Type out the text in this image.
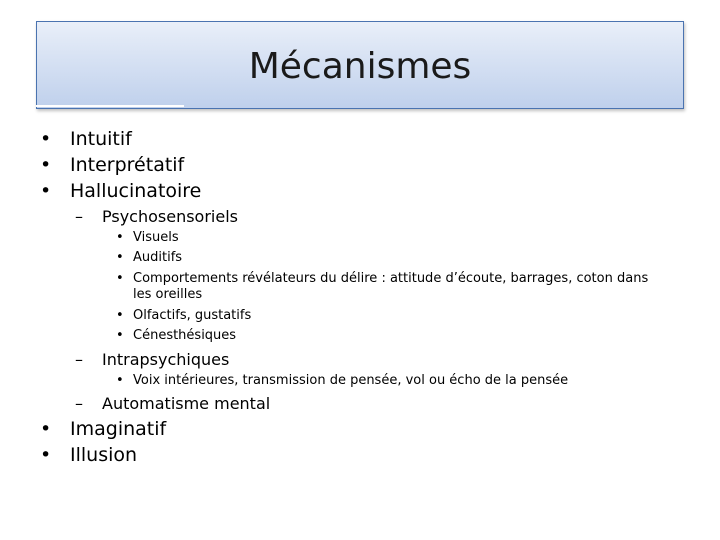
Mécanismes
• Intuitif
• Interprétatif
• Hallucinatoire
– Psychosensoriels
• Visuels
• Auditifs
• Comportements révélateurs du délire : attitude d’écoute, barrages, coton dans
les oreilles
• Olfactifs, gustatifs
• Cénesthésiques
– Intrapsychiques
• Voix intérieures, transmission de pensée, vol ou écho de la pensée
– Automatisme mental
• Imaginatif
• Illusion
